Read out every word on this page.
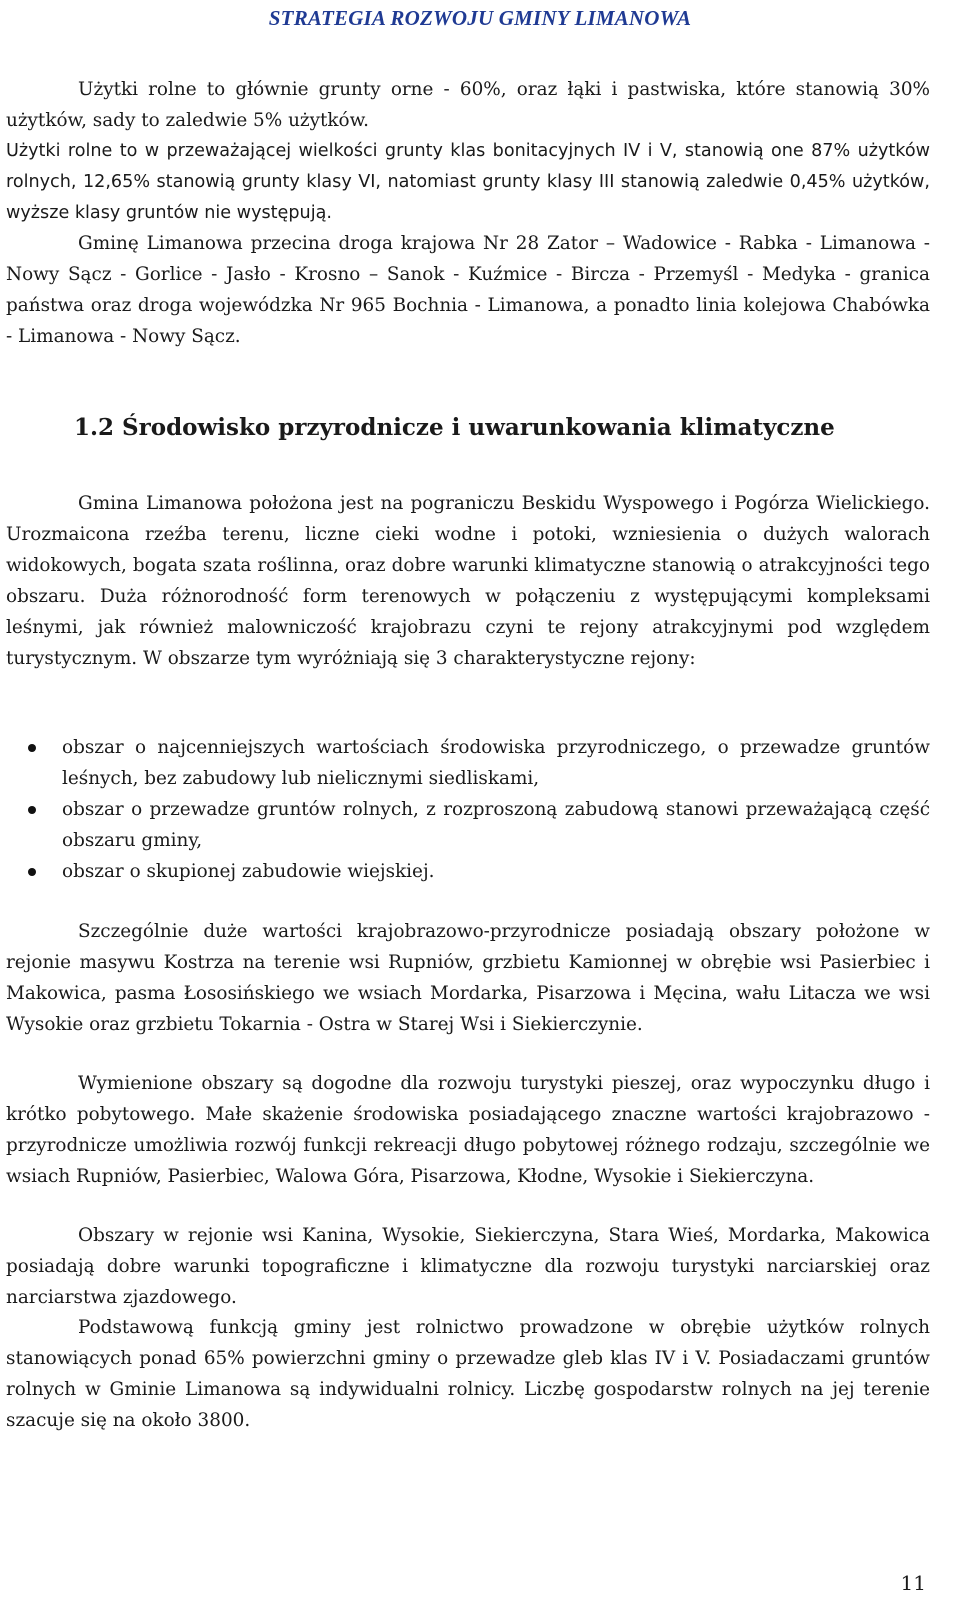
STRATEGIA ROZWOJU GMINY LIMANOWA

Użytki rolne to głównie grunty orne - 60%, oraz łąki i pastwiska, które stanowią 30% użytków, sady to zaledwie 5% użytków.

Użytki rolne to w przeważającej wielkości grunty klas bonitacyjnych IV i V, stanowią one 87% użytków rolnych, 12,65% stanowią grunty klasy VI, natomiast grunty klasy III stanowią zaledwie 0,45% użytków, wyższe klasy gruntów nie występują.

Gminę Limanowa przecina droga krajowa Nr 28 Zator – Wadowice - Rabka - Limanowa - Nowy Sącz - Gorlice - Jasło - Krosno – Sanok - Kuźmice - Bircza - Przemyśl - Medyka - granica państwa oraz droga wojewódzka Nr 965 Bochnia - Limanowa, a ponadto linia kolejowa Chabówka - Limanowa - Nowy Sącz.

1.2 Środowisko przyrodnicze i uwarunkowania klimatyczne

Gmina Limanowa położona jest na pograniczu Beskidu Wyspowego i Pogórza Wielickiego. Urozmaicona rzeźba terenu, liczne cieki wodne i potoki, wzniesienia o dużych walorach widokowych, bogata szata roślinna, oraz dobre warunki klimatyczne stanowią o atrakcyjności tego obszaru. Duża różnorodność form terenowych w połączeniu z występującymi kompleksami leśnymi, jak również malowniczość krajobrazu czyni te rejony atrakcyjnymi pod względem turystycznym. W obszarze tym wyróżniają się 3 charakterystyczne rejony:

obszar o najcenniejszych wartościach środowiska przyrodniczego, o przewadze gruntów leśnych, bez zabudowy lub nielicznymi siedliskami,
obszar o przewadze gruntów rolnych, z rozproszoną zabudową stanowi przeważającą część obszaru gminy,
obszar o skupionej zabudowie wiejskiej.

Szczególnie duże wartości krajobrazowo-przyrodnicze posiadają obszary położone w rejonie masywu Kostrza na terenie wsi Rupniów, grzbietu Kamionnej w obrębie wsi Pasierbiec i Makowica, pasma Łososińskiego we wsiach Mordarka, Pisarzowa i Męcina, wału Litacza we wsi Wysokie oraz grzbietu Tokarnia - Ostra w Starej Wsi i Siekierczynie.

Wymienione obszary są dogodne dla rozwoju turystyki pieszej, oraz wypoczynku długo i krótko pobytowego. Małe skażenie środowiska posiadającego znaczne wartości krajobrazowo - przyrodnicze umożliwia rozwój funkcji rekreacji długo pobytowej różnego rodzaju, szczególnie we wsiach Rupniów, Pasierbiec, Walowa Góra, Pisarzowa, Kłodne, Wysokie i Siekierczyna.

Obszary w rejonie wsi Kanina, Wysokie, Siekierczyna, Stara Wieś, Mordarka, Makowica posiadają dobre warunki topograficzne i klimatyczne dla rozwoju turystyki narciarskiej oraz narciarstwa zjazdowego.

Podstawową funkcją gminy jest rolnictwo prowadzone w obrębie użytków rolnych stanowiących ponad 65% powierzchni gminy o przewadze gleb klas IV i V. Posiadaczami gruntów rolnych w Gminie Limanowa są indywidualni rolnicy. Liczbę gospodarstw rolnych na jej terenie szacuje się na około 3800.

11
